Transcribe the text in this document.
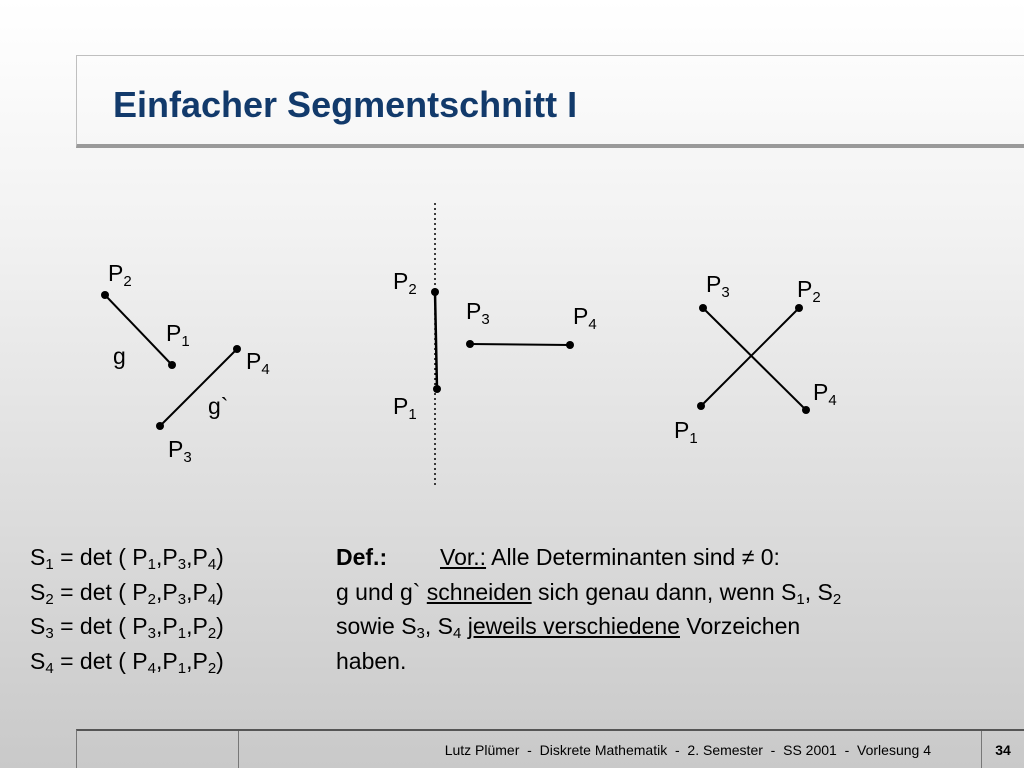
Einfacher Segmentschnitt I
$P_2$
$P_1$
g	$P_4$
g`
$P_3$
$P_2$
$P_3$	$P_4$
$P_1$
$P_3$	$P_2$
$P_4$
$P_1$
$S_1 = \det$ ( $P_1,P_3,P_4$)
$S_2 = \det$ ( $P_2,P_3,P_4$)
$S_3 = \det$ ( $P_3,P_1,P_2$)
$S_4 = \det$ ( $P_4,P_1,P_2$)
Def.: Vor.: Alle Determinanten sind ≠ 0:
g und g` schneiden sich genau dann, wenn $S_1$, $S_2$
sowie $S_3$, $S_4$ jeweils verschiedene Vorzeichen
haben.
Lutz Plümer  -  Diskrete Mathematik  -  2. Semester  -  SS 2001  -  Vorlesung 4	34
